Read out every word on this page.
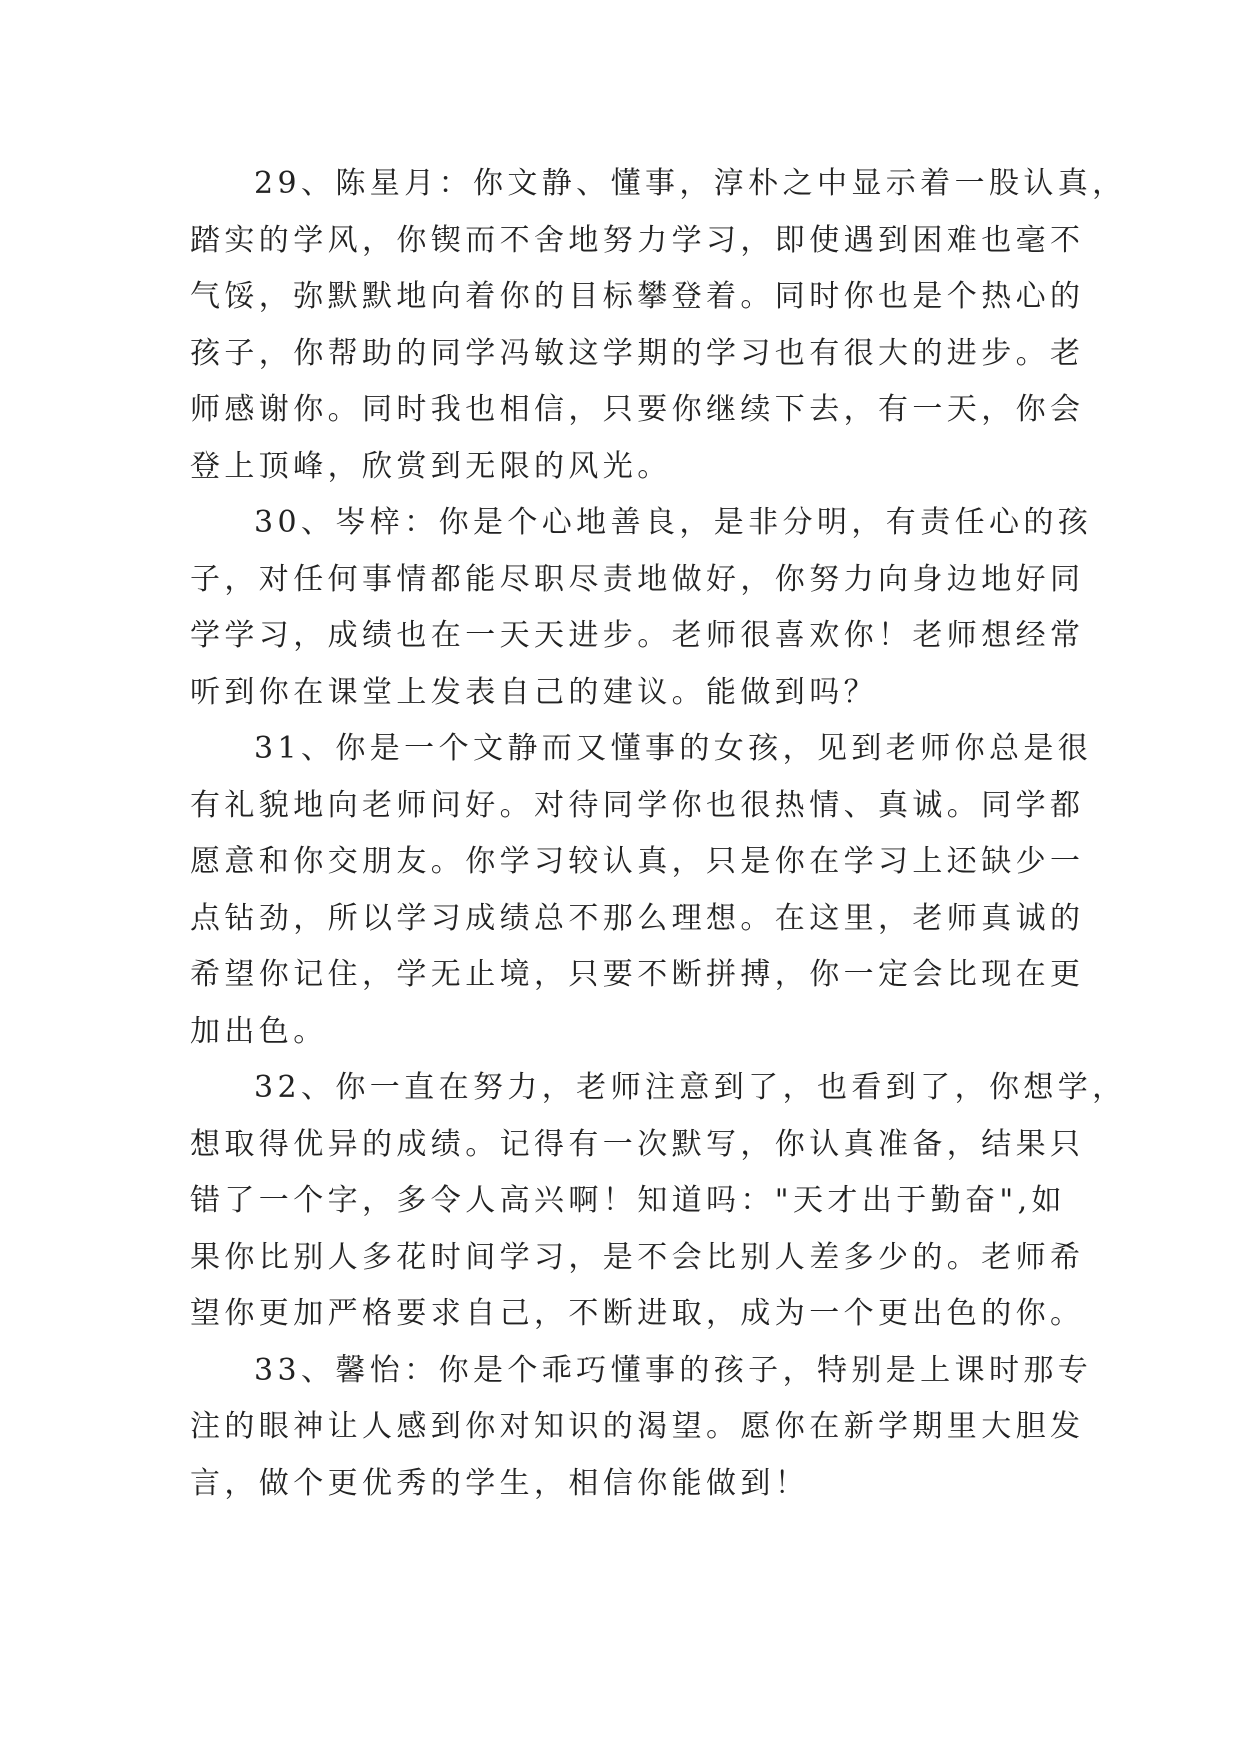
29、陈星月：你文静、懂事，淳朴之中显示着一股认真，
踏实的学风，你锲而不舍地努力学习，即使遇到困难也毫不
气馁，弥默默地向着你的目标攀登着。同时你也是个热心的
孩子，你帮助的同学冯敏这学期的学习也有很大的进步。老
师感谢你。同时我也相信，只要你继续下去，有一天，你会
登上顶峰，欣赏到无限的风光。
30、岑梓：你是个心地善良，是非分明，有责任心的孩
子，对任何事情都能尽职尽责地做好，你努力向身边地好同
学学习，成绩也在一天天进步。老师很喜欢你！老师想经常
听到你在课堂上发表自己的建议。能做到吗？
31、你是一个文静而又懂事的女孩，见到老师你总是很
有礼貌地向老师问好。对待同学你也很热情、真诚。同学都
愿意和你交朋友。你学习较认真，只是你在学习上还缺少一
点钻劲，所以学习成绩总不那么理想。在这里，老师真诚的
希望你记住，学无止境，只要不断拼搏，你一定会比现在更
加出色。
32、你一直在努力，老师注意到了，也看到了，你想学，
想取得优异的成绩。记得有一次默写，你认真准备，结果只
错了一个字，多令人高兴啊！知道吗："天才出于勤奋",如
果你比别人多花时间学习，是不会比别人差多少的。老师希
望你更加严格要求自己，不断进取，成为一个更出色的你。
33、馨怡：你是个乖巧懂事的孩子，特别是上课时那专
注的眼神让人感到你对知识的渴望。愿你在新学期里大胆发
言，做个更优秀的学生，相信你能做到！
